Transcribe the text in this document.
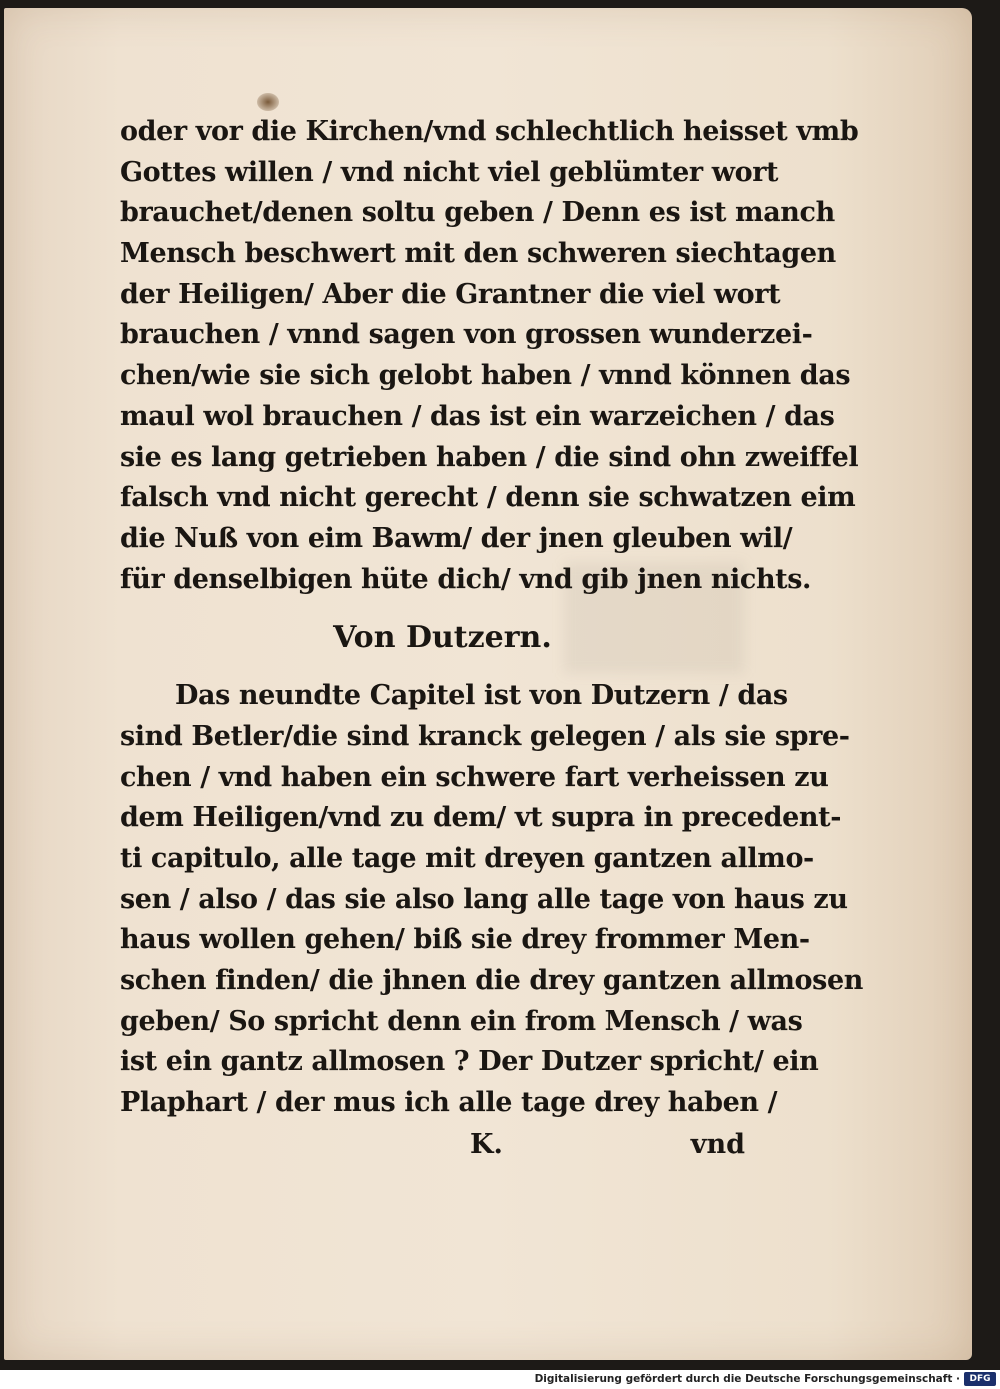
oder vor die Kirchen/vnd schlechtlich heisset vmb
Gottes willen / vnd nicht viel geblümter wort
brauchet/denen soltu geben / Denn es ist manch
Mensch beschwert mit den schweren siechtagen
der Heiligen/ Aber die Grantner die viel wort
brauchen / vnnd sagen von grossen wunderzei-
chen/wie sie sich gelobt haben / vnnd können das
maul wol brauchen / das ist ein warzeichen / das
sie es lang getrieben haben / die sind ohn zweiffel
falsch vnd nicht gerecht / denn sie schwatzen eim
die Nuß von eim Bawm/ der jnen gleuben wil/
für denselbigen hüte dich/ vnd gib jnen nichts.
Von Dutzern.
Das neundte Capitel ist von Dutzern / das
sind Betler/die sind kranck gelegen / als sie spre-
chen / vnd haben ein schwere fart verheissen zu
dem Heiligen/vnd zu dem/ vt supra in precedent-
ti capitulo, alle tage mit dreyen gantzen allmo-
sen / also / das sie also lang alle tage von haus zu
haus wollen gehen/ biß sie drey frommer Men-
schen finden/ die jhnen die drey gantzen allmosen
geben/ So spricht denn ein from Mensch / was
ist ein gantz allmosen ? Der Dutzer spricht/ ein
Plaphart / der mus ich alle tage drey haben /
K.	vnd
Digitalisierung gefördert durch die Deutsche Forschungsgemeinschaft ·	DFG
